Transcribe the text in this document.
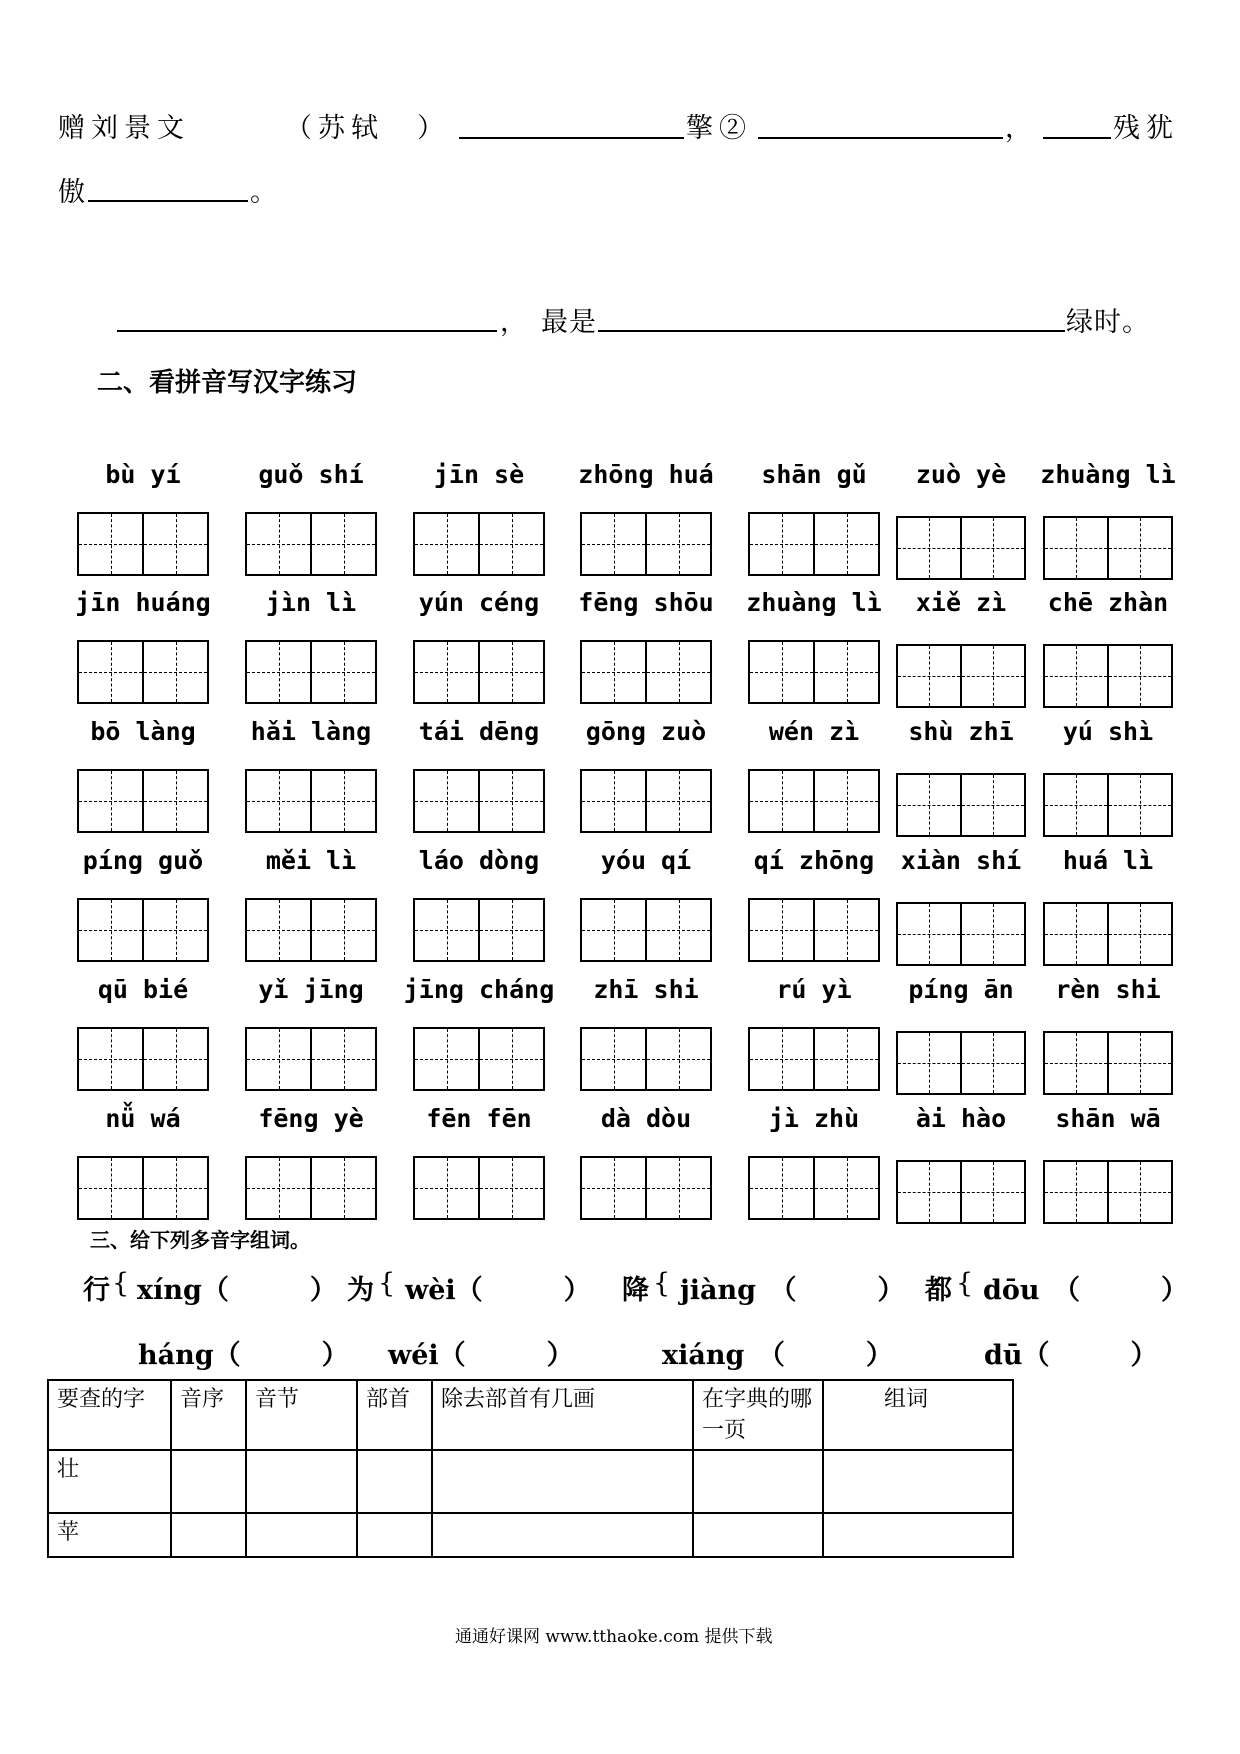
赠刘景文	（苏轼　）	擎②	，	残犹
傲	。
， 最是	绿时。
二、看拼音写汉字练习
bù yí	guǒ shí	jīn sè	zhōng huá	shān gǔ	zuò yè	zhuàng lì
jīn huáng	jìn lì	yún céng	fēng shōu	zhuàng lì	xiě zì	chē zhàn
bō làng	hǎi làng	tái dēng	gōng zuò	wén zì	shù zhī	yú shì
píng guǒ	měi lì	láo dòng	yóu qí	qí zhōng	xiàn shí	huá lì
qū bié	yǐ jīng	jīng cháng	zhī shi	rú yì	píng ān	rèn shi
nǚ wá	fēng yè	fēn fēn	dà dòu	jì zhù	ài hào	shān wā
三、给下列多音字组词。
行 { xíng（　　　） 为 { wèi（　　　） 降 { jiàng　（　　　） 都 { dōu　（　　　）
háng（　　　） wéi（　　　）	xiáng　（　　　）	dū（　　　）
要查的字	音序	音节	部首	除去部首有几画	在字典的哪一页	组词
壮						
苹						
通通好课网 www.tthaoke.com 提供下载
